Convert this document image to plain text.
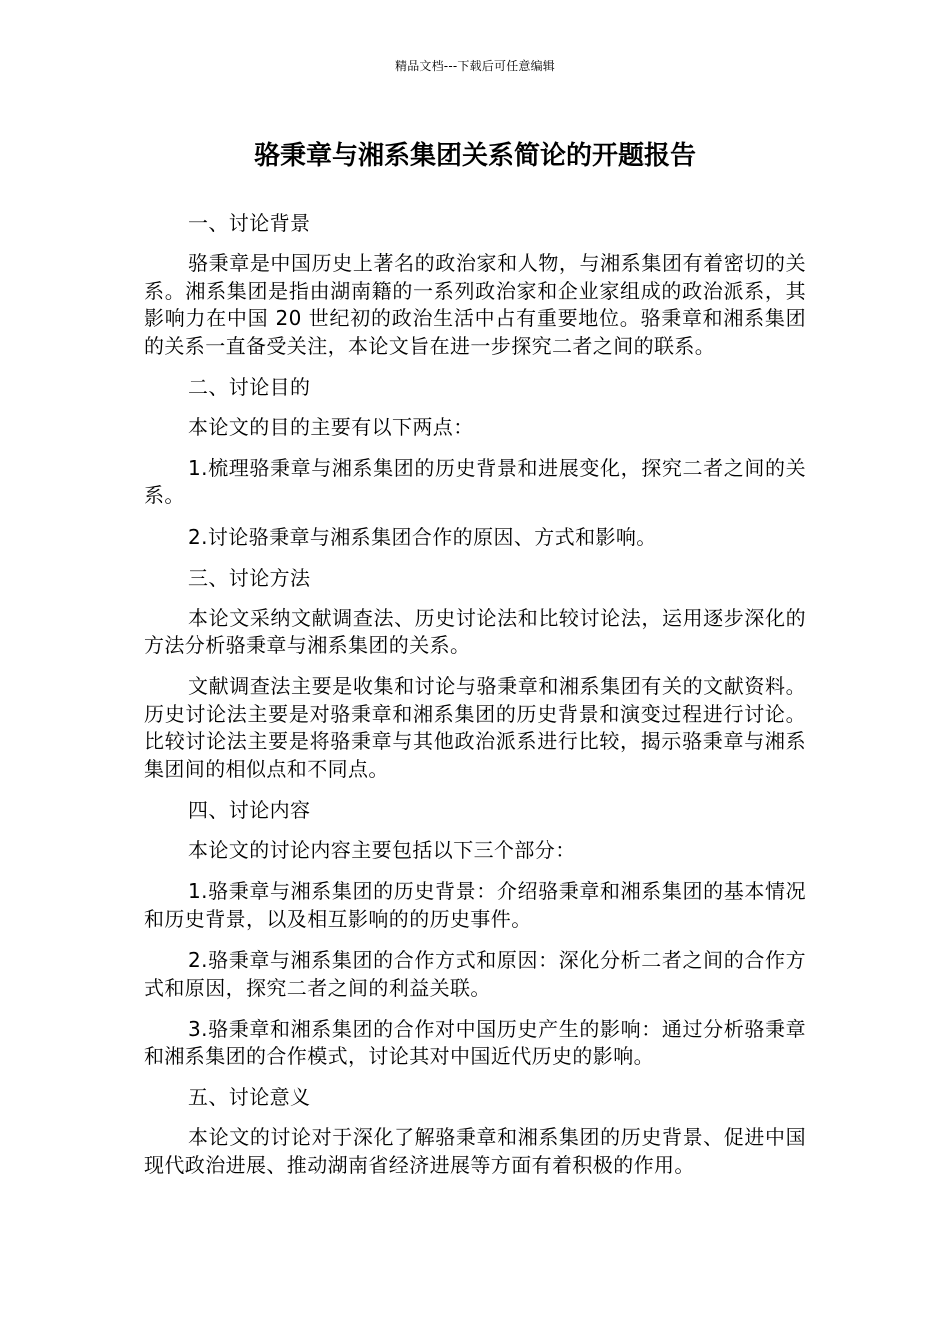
精品文档---下载后可任意编辑
骆秉章与湘系集团关系简论的开题报告

一、讨论背景

骆秉章是中国历史上著名的政治家和人物，与湘系集团有着密切的关系。湘系集团是指由湖南籍的一系列政治家和企业家组成的政治派系，其影响力在中国 20 世纪初的政治生活中占有重要地位。骆秉章和湘系集团的关系一直备受关注，本论文旨在进一步探究二者之间的联系。

二、讨论目的

本论文的目的主要有以下两点：

1.梳理骆秉章与湘系集团的历史背景和进展变化，探究二者之间的关系。

2.讨论骆秉章与湘系集团合作的原因、方式和影响。

三、讨论方法

本论文采纳文献调查法、历史讨论法和比较讨论法，运用逐步深化的方法分析骆秉章与湘系集团的关系。

文献调查法主要是收集和讨论与骆秉章和湘系集团有关的文献资料。历史讨论法主要是对骆秉章和湘系集团的历史背景和演变过程进行讨论。比较讨论法主要是将骆秉章与其他政治派系进行比较，揭示骆秉章与湘系集团间的相似点和不同点。

四、讨论内容

本论文的讨论内容主要包括以下三个部分：

1.骆秉章与湘系集团的历史背景：介绍骆秉章和湘系集团的基本情况和历史背景，以及相互影响的的历史事件。

2.骆秉章与湘系集团的合作方式和原因：深化分析二者之间的合作方式和原因，探究二者之间的利益关联。

3.骆秉章和湘系集团的合作对中国历史产生的影响：通过分析骆秉章和湘系集团的合作模式，讨论其对中国近代历史的影响。

五、讨论意义

本论文的讨论对于深化了解骆秉章和湘系集团的历史背景、促进中国现代政治进展、推动湖南省经济进展等方面有着积极的作用。
